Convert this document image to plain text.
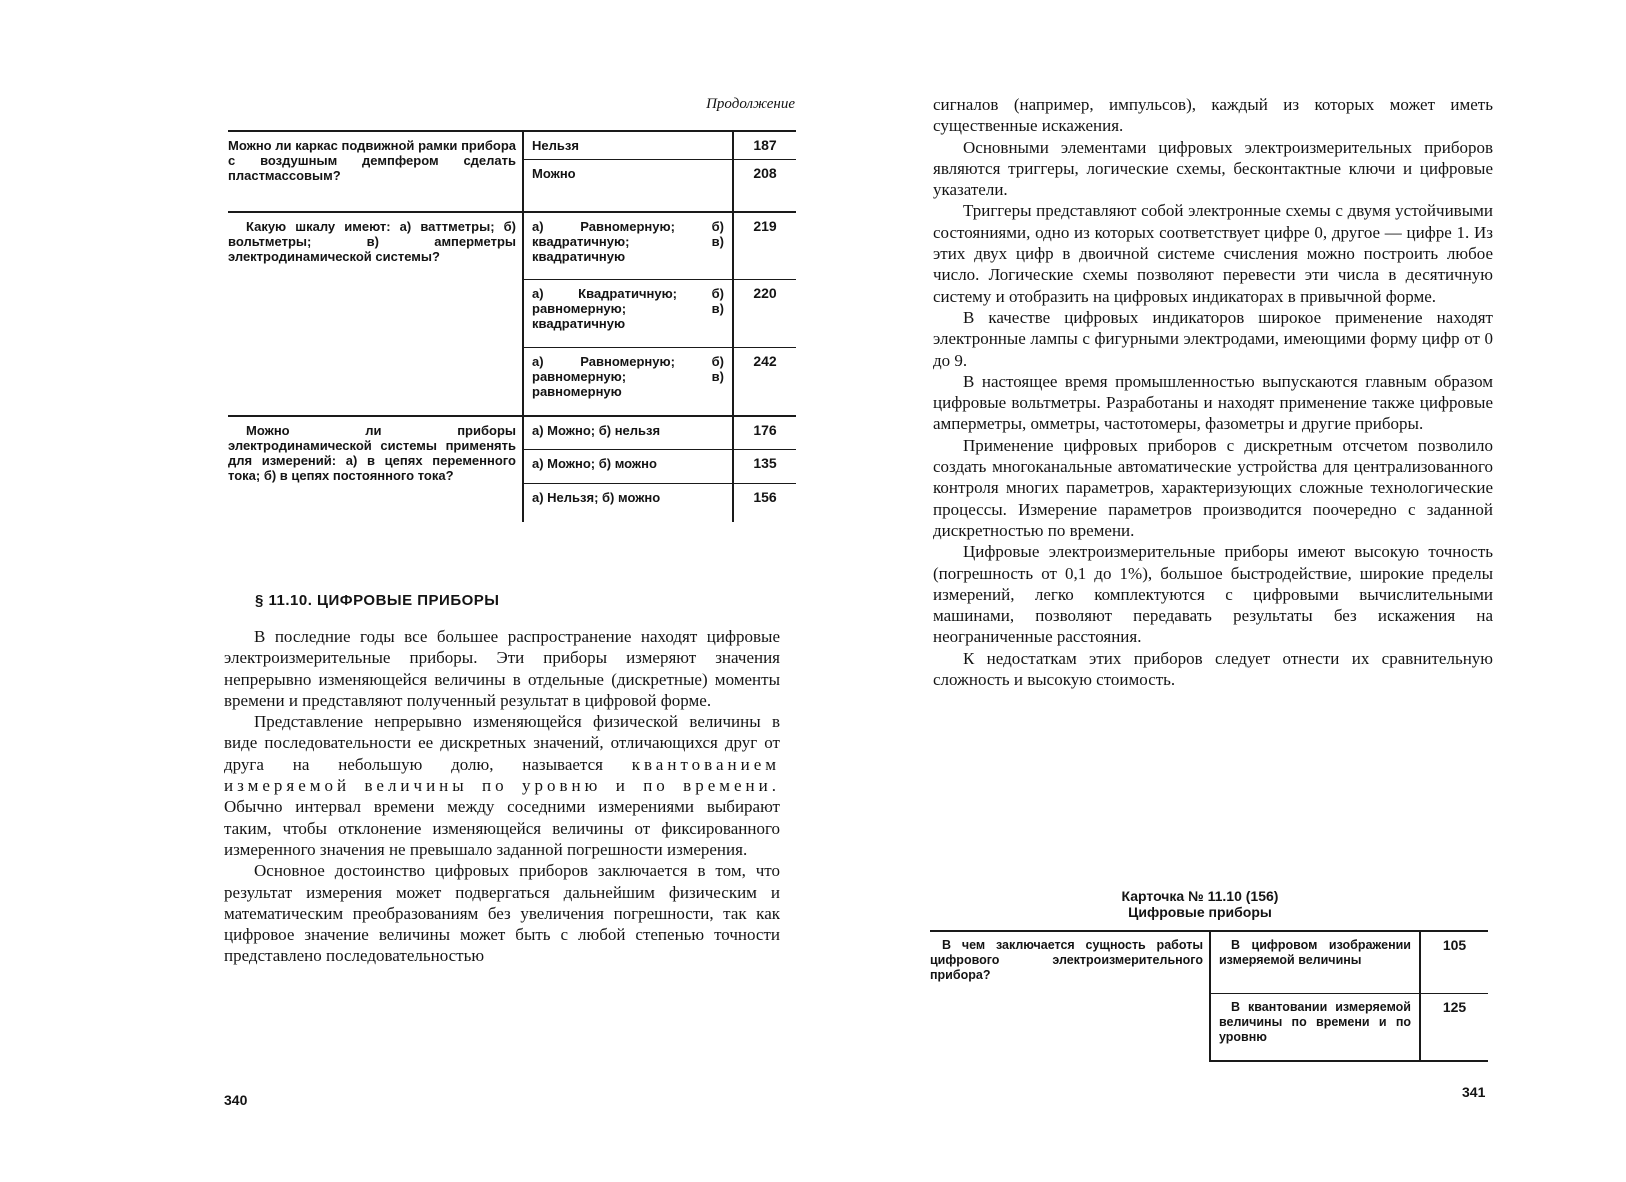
Продолжение
Можно ли каркас подвижной рамки прибора с воздушным демпфером сделать пластмассовым?	Нельзя	187
	Можно	208
Какую шкалу имеют: а) ваттметры; б) вольтметры; в) амперметры электродинамической системы?	а) Равномерную; б) квадратичную; в) квадратичную	219
	а) Квадратичную; б) равномерную; в) квадратичную	220
	а) Равномерную; б) равномерную; в) равномерную	242
Можно ли приборы электродинамической системы применять для измерений: а) в цепях переменного тока; б) в цепях постоянного тока?	а) Можно; б) нельзя	176
	а) Можно; б) можно	135
	а) Нельзя; б) можно	156
§ 11.10. ЦИФРОВЫЕ ПРИБОРЫ

В последние годы все большее распространение находят цифровые электроизмерительные приборы. Эти приборы измеряют значения непрерывно изменяющейся величины в отдельные (дискретные) моменты времени и представляют полученный результат в цифровой форме.

Представление непрерывно изменяющейся физической величины в виде последовательности ее дискретных значений, отличающихся друг от друга на небольшую долю, называется квантованием измеряемой величины по уровню и по времени. Обычно интервал времени между соседними измерениями выбирают таким, чтобы отклонение изменяющейся величины от фиксированного измеренного значения не превышало заданной погрешности измерения.

Основное достоинство цифровых приборов заключается в том, что результат измерения может подвергаться дальнейшим физическим и математическим преобразованиям без увеличения погрешности, так как цифровое значение величины может быть с любой степенью точности представлено последовательностью

340

сигналов (например, импульсов), каждый из которых может иметь существенные искажения.

Основными элементами цифровых электроизмерительных приборов являются триггеры, логические схемы, бесконтактные ключи и цифровые указатели.

Триггеры представляют собой электронные схемы с двумя устойчивыми состояниями, одно из которых соответствует цифре 0, другое — цифре 1. Из этих двух цифр в двоичной системе счисления можно построить любое число. Логические схемы позволяют перевести эти числа в десятичную систему и отобразить на цифровых индикаторах в привычной форме.

В качестве цифровых индикаторов широкое применение находят электронные лампы с фигурными электродами, имеющими форму цифр от 0 до 9.

В настоящее время промышленностью выпускаются главным образом цифровые вольтметры. Разработаны и находят применение также цифровые амперметры, омметры, частотомеры, фазометры и другие приборы.

Применение цифровых приборов с дискретным отсчетом позволило создать многоканальные автоматические устройства для централизованного контроля многих параметров, характеризующих сложные технологические процессы. Измерение параметров производится поочередно с заданной дискретностью по времени.

Цифровые электроизмерительные приборы имеют высокую точность (погрешность от 0,1 до 1%), большое быстродействие, широкие пределы измерений, легко комплектуются с цифровыми вычислительными машинами, позволяют передавать результаты без искажения на неограниченные расстояния.

К недостаткам этих приборов следует отнести их сравнительную сложность и высокую стоимость.

Карточка № 11.10 (156)
Цифровые приборы
В чем заключается сущность работы цифрового электроизмерительного прибора?	В цифровом изображении измеряемой величины	105
	В квантовании измеряемой величины по времени и по уровню	125
341
